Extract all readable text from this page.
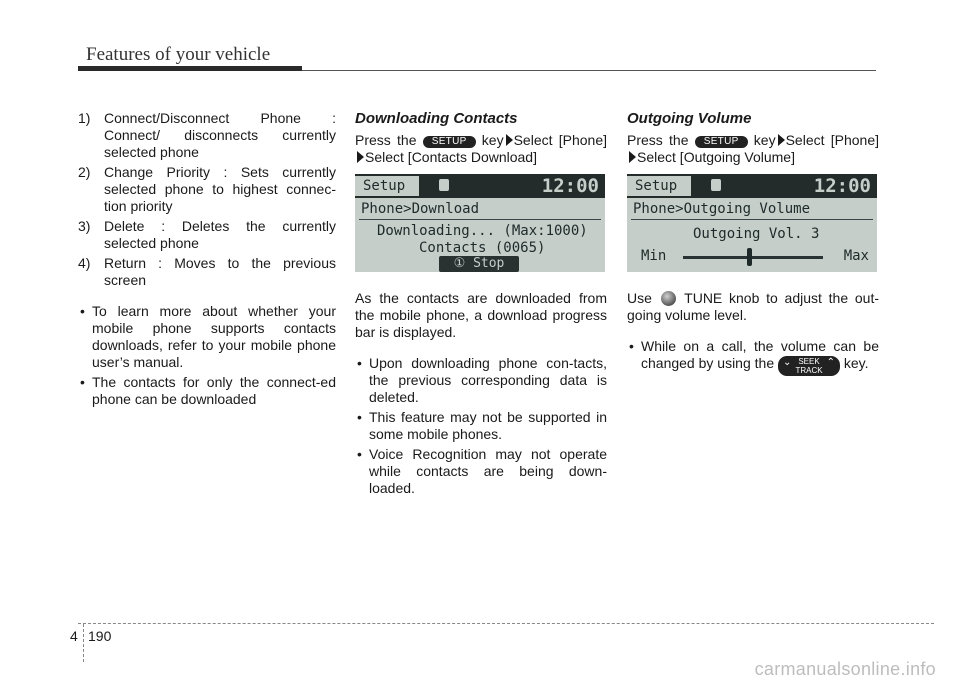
Features of your vehicle
1) Connect/Disconnect Phone : Connect/ disconnects currently selected phone
2) Change Priority : Sets currently selected phone to highest connec-tion priority
3) Delete : Deletes the currently selected phone
4) Return : Moves to the previous screen
• To learn more about whether your mobile phone supports contacts downloads, refer to your mobile phone user’s manual.
• The contacts for only the connect-ed phone can be downloaded
Downloading Contacts

Press the SETUP key Select [Phone]Select [Contacts Download]

Setup	12:00
Phone>Download
Downloading... (Max:1000)
Contacts (0065)
① Stop

As the contacts are downloaded from the mobile phone, a download progress bar is displayed.

• Upon downloading phone con-tacts, the previous corresponding data is deleted.
• This feature may not be supported in some mobile phones.
• Voice Recognition may not operate while contacts are being down-loaded.
Outgoing Volume

Press the SETUP key Select [Phone]Select [Outgoing Volume]

Setup	12:00
Phone>Outgoing Volume
Outgoing Vol. 3
Min	Max

Use TUNE knob to adjust the out-going volume level.

• While on a call, the volume can be changed by using the ⌄	⌃
SEEK
TRACK key.
4 190
carmanualsonline.info
